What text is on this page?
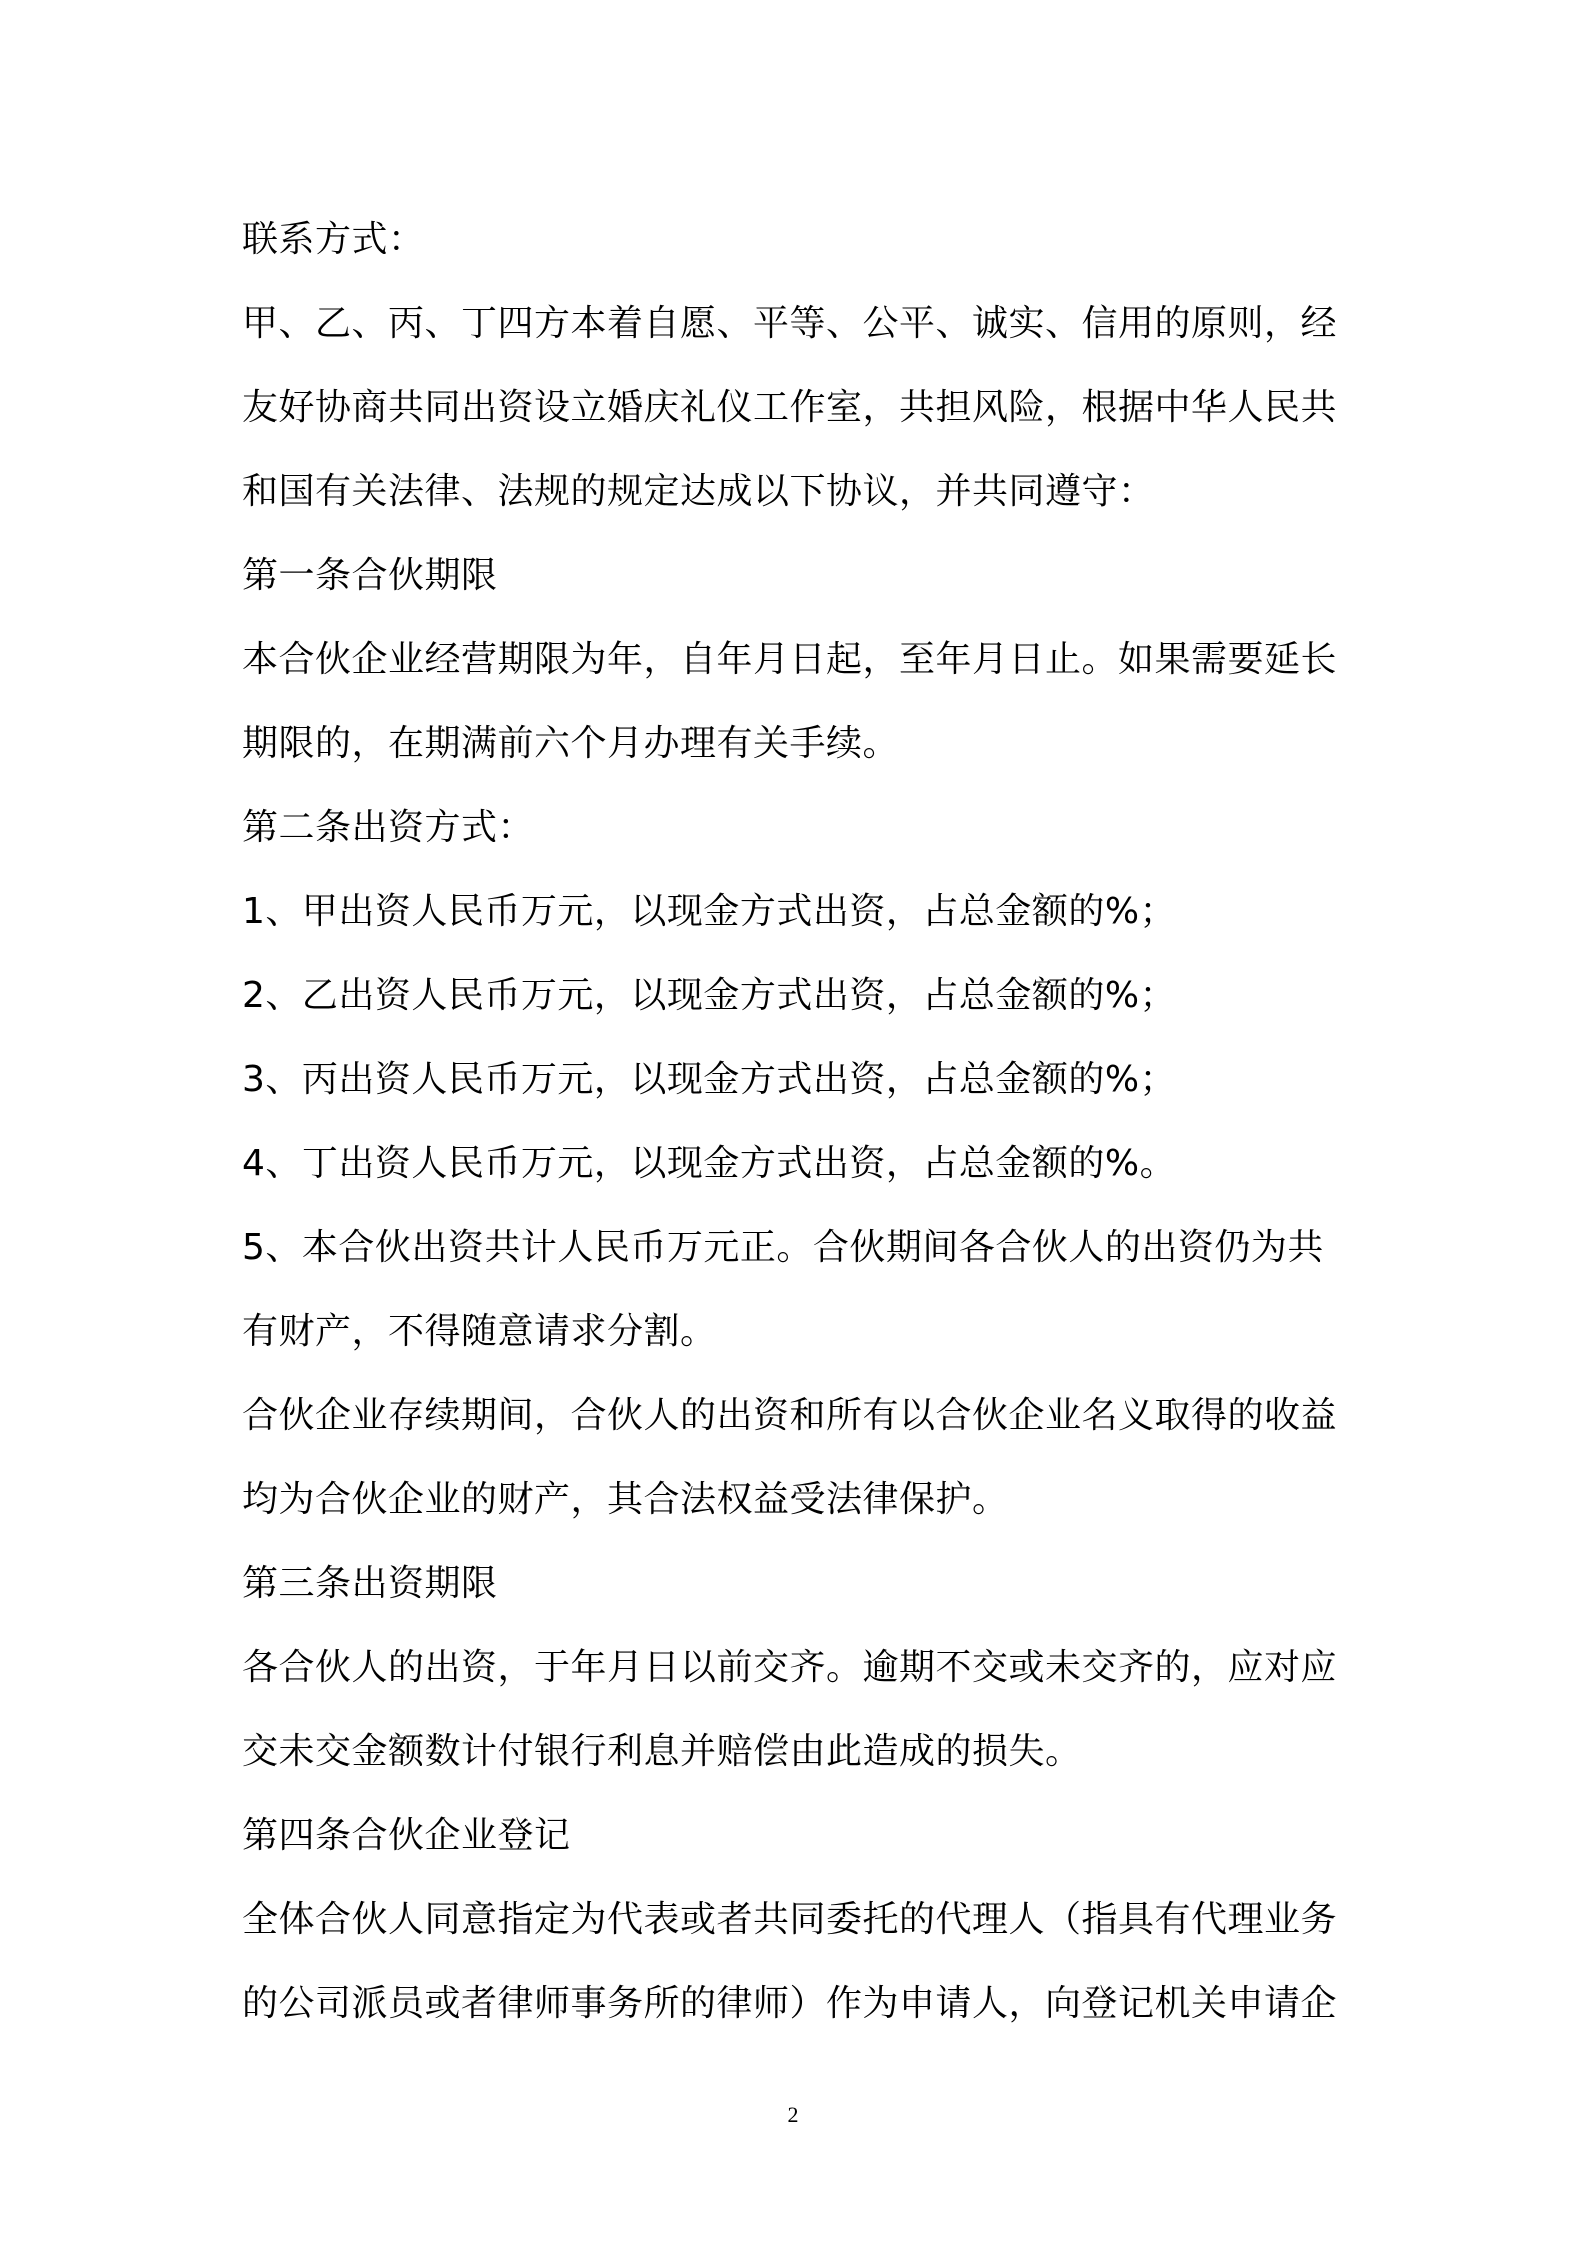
联系方式：
甲、乙、丙、丁四方本着自愿、平等、公平、诚实、信用的原则，经
友好协商共同出资设立婚庆礼仪工作室，共担风险，根据中华人民共
和国有关法律、法规的规定达成以下协议，并共同遵守：
第一条合伙期限
本合伙企业经营期限为年，自年月日起，至年月日止。如果需要延长
期限的，在期满前六个月办理有关手续。
第二条出资方式：
1、甲出资人民币万元，以现金方式出资，占总金额的%；
2、乙出资人民币万元，以现金方式出资，占总金额的%；
3、丙出资人民币万元，以现金方式出资，占总金额的%；
4、丁出资人民币万元，以现金方式出资，占总金额的%。
5、本合伙出资共计人民币万元正。合伙期间各合伙人的出资仍为共
有财产，不得随意请求分割。
合伙企业存续期间，合伙人的出资和所有以合伙企业名义取得的收益
均为合伙企业的财产，其合法权益受法律保护。
第三条出资期限
各合伙人的出资，于年月日以前交齐。逾期不交或未交齐的，应对应
交未交金额数计付银行利息并赔偿由此造成的损失。
第四条合伙企业登记
全体合伙人同意指定为代表或者共同委托的代理人（指具有代理业务
的公司派员或者律师事务所的律师）作为申请人，向登记机关申请企
2
